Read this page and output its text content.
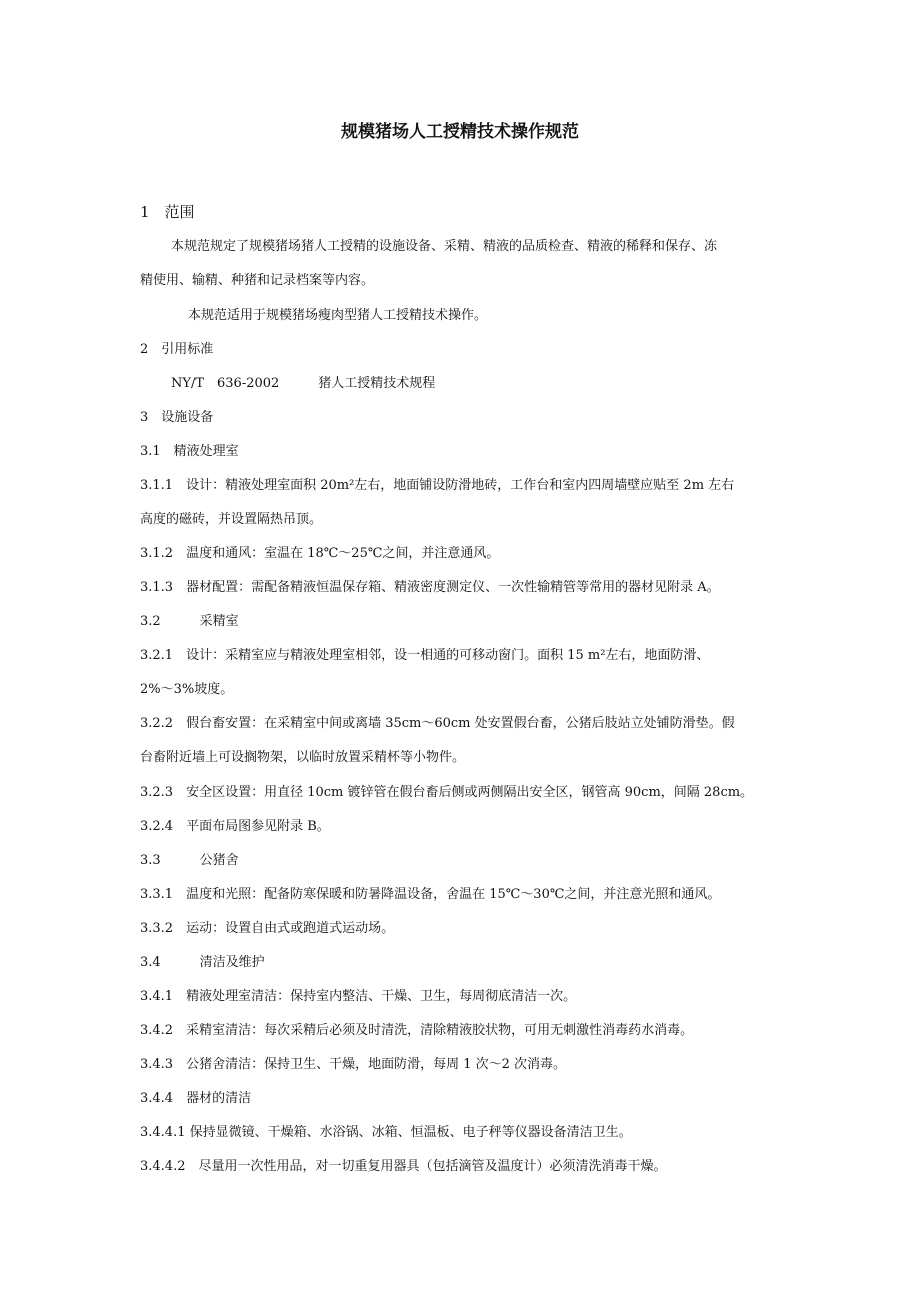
规模猪场人工授精技术操作规范
1　范围
本规范规定了规模猪场猪人工授精的设施设备、采精、精液的品质检查、精液的稀释和保存、冻
精使用、输精、种猪和记录档案等内容。
本规范适用于规模猪场瘦肉型猪人工授精技术操作。
2　引用标准
NY/T　636-2002　　　猪人工授精技术规程
3　设施设备
3.1　精液处理室
3.1.1　设计：精液处理室面积 20m²左右，地面铺设防滑地砖，工作台和室内四周墙壁应贴至 2m 左右
高度的磁砖，并设置隔热吊顶。
3.1.2　温度和通风：室温在 18℃～25℃之间，并注意通风。
3.1.3　器材配置：需配备精液恒温保存箱、精液密度测定仪、一次性输精管等常用的器材见附录 A。
3.2　　　采精室
3.2.1　设计：采精室应与精液处理室相邻，设一相通的可移动窗门。面积 15 m²左右，地面防滑、
2%～3%坡度。
3.2.2　假台畜安置：在采精室中间或离墙 35cm～60cm 处安置假台畜，公猪后肢站立处铺防滑垫。假
台畜附近墙上可设搁物架，以临时放置采精杯等小物件。
3.2.3　安全区设置：用直径 10cm 镀锌管在假台畜后侧或两侧隔出安全区，钢管高 90cm，间隔 28cm。
3.2.4　平面布局图参见附录 B。
3.3　　　公猪舍
3.3.1　温度和光照：配备防寒保暖和防暑降温设备，舍温在 15℃～30℃之间，并注意光照和通风。
3.3.2　运动：设置自由式或跑道式运动场。
3.4　　　清洁及维护
3.4.1　精液处理室清洁：保持室内整洁、干燥、卫生，每周彻底清洁一次。
3.4.2　采精室清洁：每次采精后必须及时清洗，清除精液胶状物，可用无刺激性消毒药水消毒。
3.4.3　公猪舍清洁：保持卫生、干燥，地面防滑，每周 1 次～2 次消毒。
3.4.4　器材的清洁
3.4.4.1 保持显微镜、干燥箱、水浴锅、冰箱、恒温板、电子秤等仪器设备清洁卫生。
3.4.4.2　尽量用一次性用品，对一切重复用器具（包括滴管及温度计）必须清洗消毒干燥。
